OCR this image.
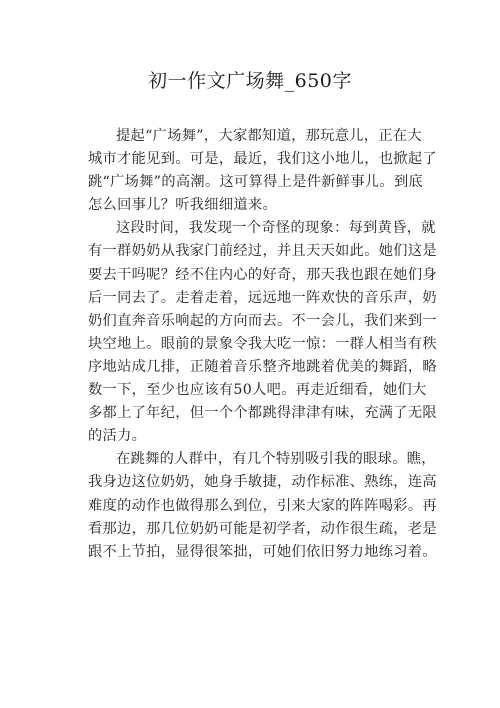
初一作文广场舞_650字
提起“广场舞”，大家都知道，那玩意儿，正在大
城市才能见到。可是，最近，我们这小地儿，也掀起了
跳“广场舞”的高潮。这可算得上是件新鲜事儿。到底
怎么回事儿？听我细细道来。
这段时间，我发现一个奇怪的现象：每到黄昏，就
有一群奶奶从我家门前经过，并且天天如此。她们这是
要去干吗呢？经不住内心的好奇，那天我也跟在她们身
后一同去了。走着走着，远远地一阵欢快的音乐声，奶
奶们直奔音乐响起的方向而去。不一会儿，我们来到一
块空地上。眼前的景象令我大吃一惊：一群人相当有秩
序地站成几排，正随着音乐整齐地跳着优美的舞蹈，略
数一下，至少也应该有50人吧。再走近细看，她们大
多都上了年纪，但一个个都跳得津津有味，充满了无限
的活力。
在跳舞的人群中，有几个特别吸引我的眼球。瞧，
我身边这位奶奶，她身手敏捷，动作标准、熟练，连高
难度的动作也做得那么到位，引来大家的阵阵喝彩。再
看那边，那几位奶奶可能是初学者，动作很生疏，老是
跟不上节拍，显得很笨拙，可她们依旧努力地练习着。
